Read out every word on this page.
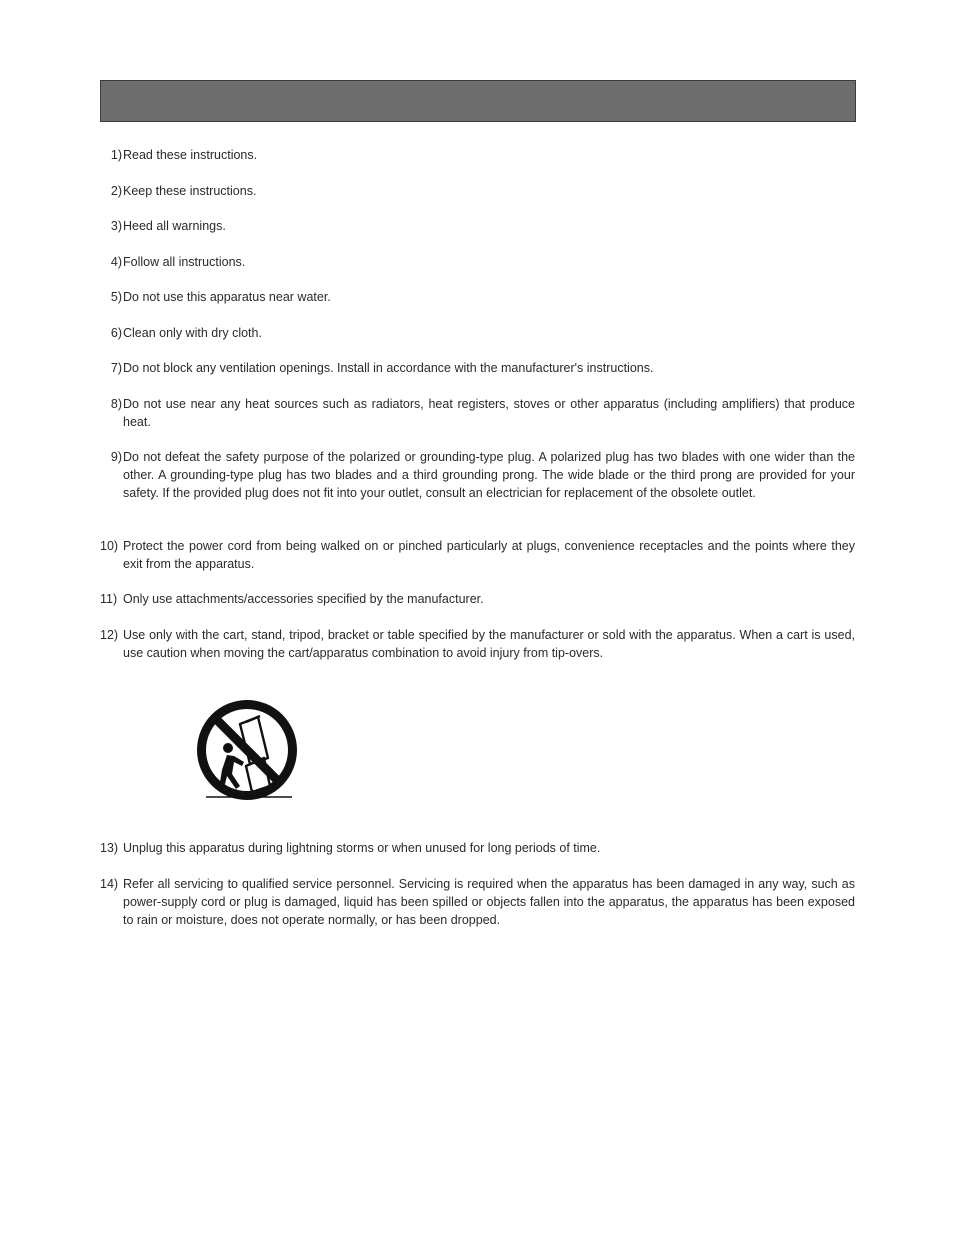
1) Read these instructions.
2) Keep these instructions.
3) Heed all warnings.
4) Follow all instructions.
5) Do not use this apparatus near water.
6) Clean only with dry cloth.
7) Do not block any ventilation openings. Install in accordance with the manufacturer's instructions.
8) Do not use near any heat sources such as radiators, heat registers, stoves or other apparatus (including amplifiers) that produce heat.
9) Do not defeat the safety purpose of the polarized or grounding-type plug. A polarized plug has two blades with one wider than the other. A grounding-type plug has two blades and a third grounding prong. The wide blade or the third prong are provided for your safety. If the provided plug does not fit into your outlet, consult an electrician for replacement of the obsolete outlet.
10) Protect the power cord from being walked on or pinched particularly at plugs, convenience receptacles and the points where they exit from the apparatus.
11) Only use attachments/accessories specified by the manufacturer.
12) Use only with the cart, stand, tripod, bracket or table specified by the manufacturer or sold with the apparatus. When a cart is used, use caution when moving the cart/apparatus combination to avoid injury from tip-overs.
13) Unplug this apparatus during lightning storms or when unused for long periods of time.
14) Refer all servicing to qualified service personnel. Servicing is required when the apparatus has been damaged in any way, such as power-supply cord or plug is damaged, liquid has been spilled or objects fallen into the apparatus, the apparatus has been exposed to rain or moisture, does not operate normally, or has been dropped.
